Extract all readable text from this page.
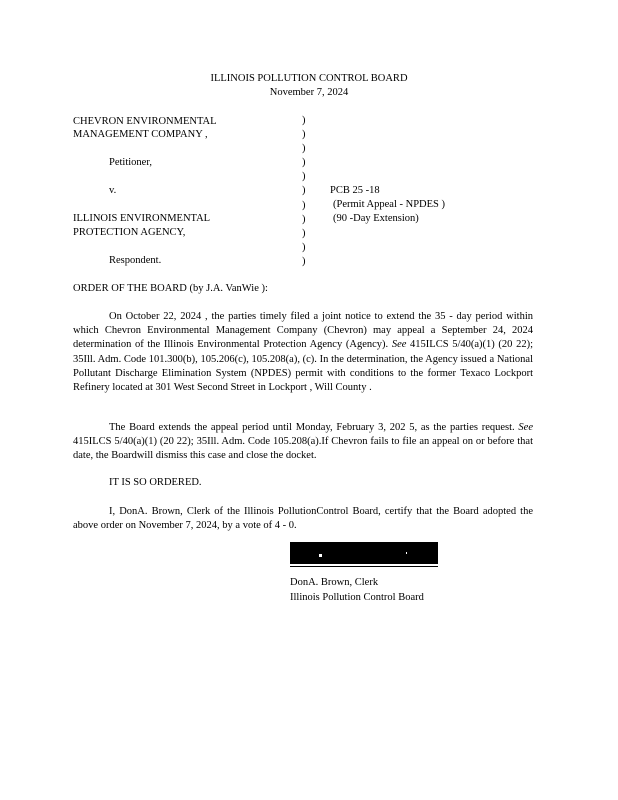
ILLINOIS POLLUTION CONTROL BOARD
November 7, 2024
CHEVRON ENVIRONMENTAL
MANAGEMENT COMPANY ,
Petitioner,
v.
ILLINOIS ENVIRONMENTAL
PROTECTION AGENCY,
Respondent.
)
)
)
)
)
)
)
)
)
)
)
PCB 25 -18
(Permit Appeal - NPDES )
(90 -Day Extension)
ORDER OF THE BOARD (by J.A. VanWie ):
On October 22, 2024 , the parties timely filed a joint notice to extend the 35 - day period within which Chevron Environmental Management Company (Chevron) may appeal a September 24, 2024 determination of the Illinois Environmental Protection Agency (Agency). See 415ILCS 5/40(a)(1) (20 22); 35Ill. Adm. Code 101.300(b), 105.206(c), 105.208(a), (c). In the determination, the Agency issued a National Pollutant Discharge Elimination System (NPDES) permit with conditions to the former Texaco Lockport Refinery located at 301 West Second Street in Lockport , Will County .
The Board extends the appeal period until Monday, February 3, 202 5, as the parties request. See 415ILCS 5/40(a)(1) (20 22); 35Ill. Adm. Code 105.208(a).If Chevron fails to file an appeal on or before that date, the Boardwill dismiss this case and close the docket.
IT IS SO ORDERED.
I, DonA. Brown, Clerk of the Illinois PollutionControl Board, certify that the Board adopted the above order on November 7, 2024, by a vote of 4 - 0.
DonA. Brown, Clerk
Illinois Pollution Control Board
